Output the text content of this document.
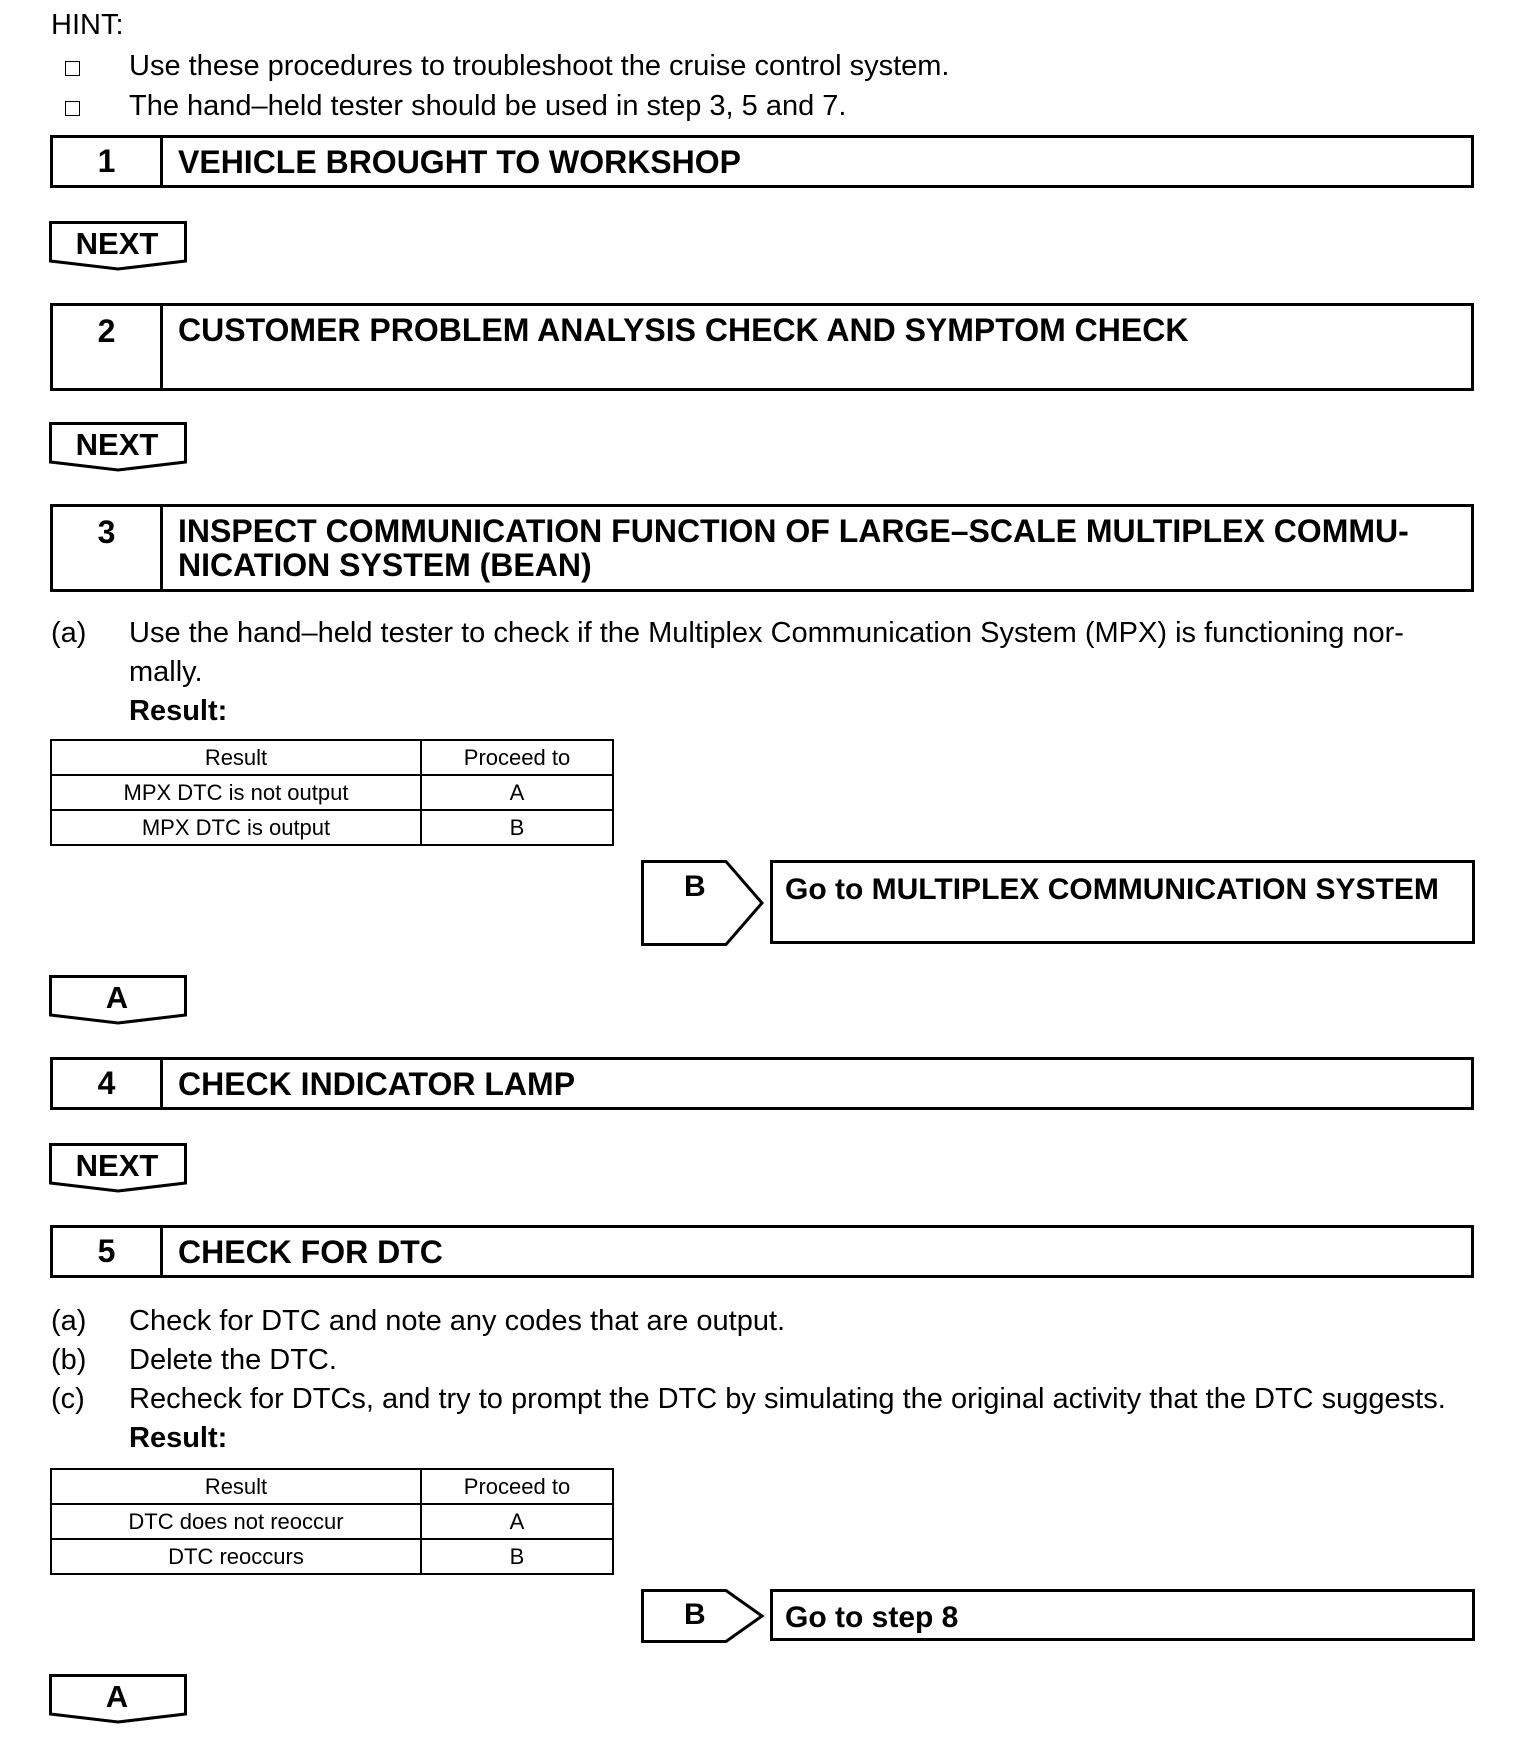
HINT:
Use these procedures to troubleshoot the cruise control system.
The hand–held tester should be used in step 3, 5 and 7.
1	VEHICLE BROUGHT TO WORKSHOP
NEXT
2	CUSTOMER PROBLEM ANALYSIS CHECK AND SYMPTOM CHECK
NEXT
3	INSPECT COMMUNICATION FUNCTION OF LARGE–SCALE MULTIPLEX COMMU-
NICATION SYSTEM (BEAN)
(a) Use the hand–held tester to check if the Multiplex Communication System (MPX) is functioning nor-
mally.
Result:
Result	Proceed to
MPX DTC is not output	A
MPX DTC is output	B
B	Go to MULTIPLEX COMMUNICATION SYSTEM
A
4	CHECK INDICATOR LAMP
NEXT
5	CHECK FOR DTC
(a) Check for DTC and note any codes that are output.
(b) Delete the DTC.
(c) Recheck for DTCs, and try to prompt the DTC by simulating the original activity that the DTC suggests.
Result:
Result	Proceed to
DTC does not reoccur	A
DTC reoccurs	B
B	Go to step 8
A
